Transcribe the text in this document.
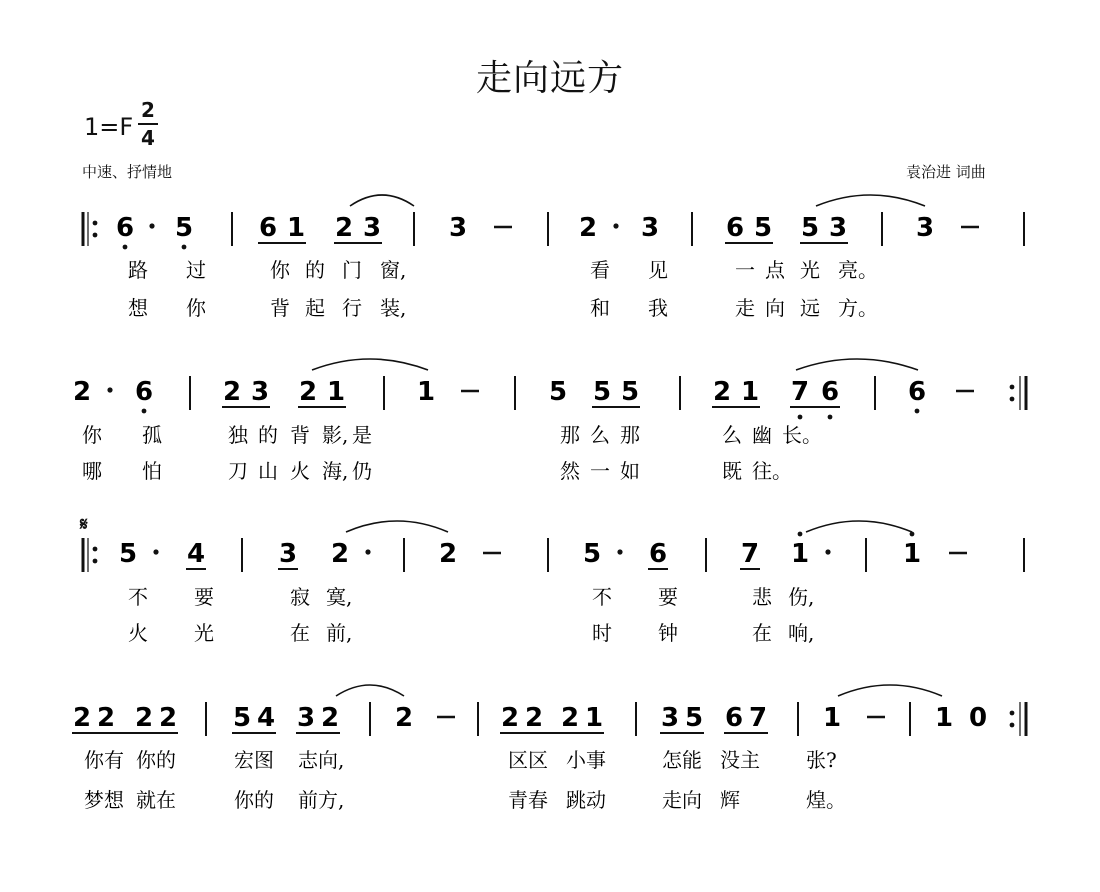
走向远方
1=F
2
4
中速、抒情地	袁治进 词曲
𝄋
6 5	6 1 2 3	3	2 3	6 5 5 3	3
路 过	你 的 门 窗,	看 见	一 点 光 亮。
想 你	背 起 行 装,	和 我	走 向 远 方。
2 6	2 3 2 1	1	5 5 5	2 1 7 6	6
你 孤	独 的 背 影, 是	那 么 那	么 幽 长。
哪 怕	刀 山 火 海, 仍	然 一 如	既 往。
5 4	3 2	2	5 6	7 1	1
不 要	寂 寞,	不 要	悲 伤,
火 光	在 前,	时 钟	在 响,
2 2 2 2 5 4 3 2 2	2 2 2 1 3 5 6 7 1	1 0
你有 你的	宏图 志向,	区区 小事	怎能 没主 张?
梦想 就在	你的 前方,	青春 跳动	走向 辉	煌。
